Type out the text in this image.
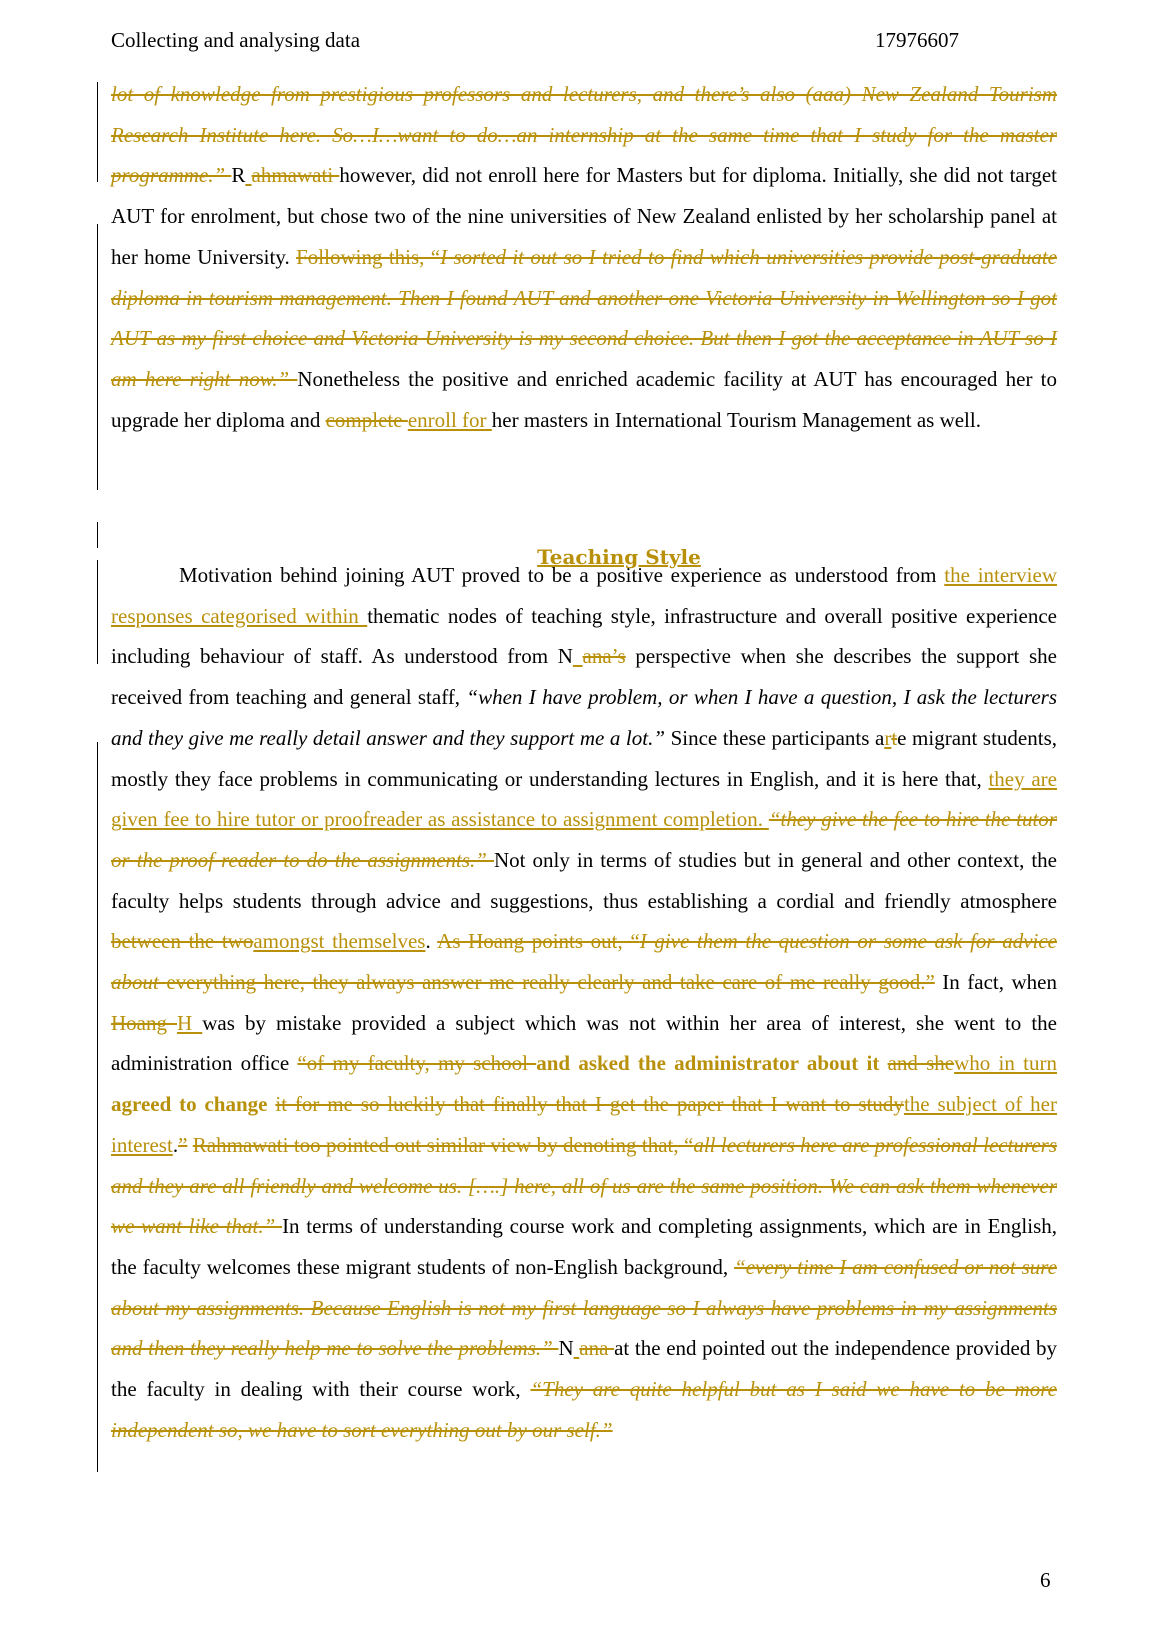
Collecting and analysing data	17976607
lot of knowledge from prestigious professors and lecturers, and there’s also (aaa) New Zealand Tourism Research Institute here. So…I…want to do…an internship at the same time that I study for the master programme.” R ahmawati however, did not enroll here for Masters but for diploma. Initially, she did not target AUT for enrolment, but chose two of the nine universities of New Zealand enlisted by her scholarship panel at her home University. Following this, “I sorted it out so I tried to find which universities provide post-graduate diploma in tourism management. Then I found AUT and another one Victoria University in Wellington so I got AUT as my first choice and Victoria University is my second choice. But then I got the acceptance in AUT so I am here right now.” Nonetheless the positive and enriched academic facility at AUT has encouraged her to upgrade her diploma and complete enroll for her masters in International Tourism Management as well.
Teaching Style
Motivation behind joining AUT proved to be a positive experience as understood from the interview responses categorised within thematic nodes of teaching style, infrastructure and overall positive experience including behaviour of staff. As understood from N ana’s perspective when she describes the support she received from teaching and general staff, “when I have problem, or when I have a question, I ask the lecturers and they give me really detail answer and they support me a lot.” Since these participants arte migrant students, mostly they face problems in communicating or understanding lectures in English, and it is here that, they are given fee to hire tutor or proofreader as assistance to assignment completion. “they give the fee to hire the tutor or the proof reader to do the assignments.” Not only in terms of studies but in general and other context, the faculty helps students through advice and suggestions, thus establishing a cordial and friendly atmosphere between the twoamongst themselves. As Hoang points out, “I give them the question or some ask for advice about everything here, they always answer me really clearly and take care of me really good.” In fact, when Hoang H was by mistake provided a subject which was not within her area of interest, she went to the administration office “of my faculty, my school and asked the administrator about it and shewho in turn agreed to change it for me so luckily that finally that I get the paper that I want to studythe subject of her interest.” Rahmawati too pointed out similar view by denoting that, “all lecturers here are professional lecturers and they are all friendly and welcome us. [….] here, all of us are the same position. We can ask them whenever we want like that.” In terms of understanding course work and completing assignments, which are in English, the faculty welcomes these migrant students of non-English background, “every time I am confused or not sure about my assignments. Because English is not my first language so I always have problems in my assignments and then they really help me to solve the problems.” N ana at the end pointed out the independence provided by the faculty in dealing with their course work, “They are quite helpful but as I said we have to be more independent so, we have to sort everything out by our self.”
6
